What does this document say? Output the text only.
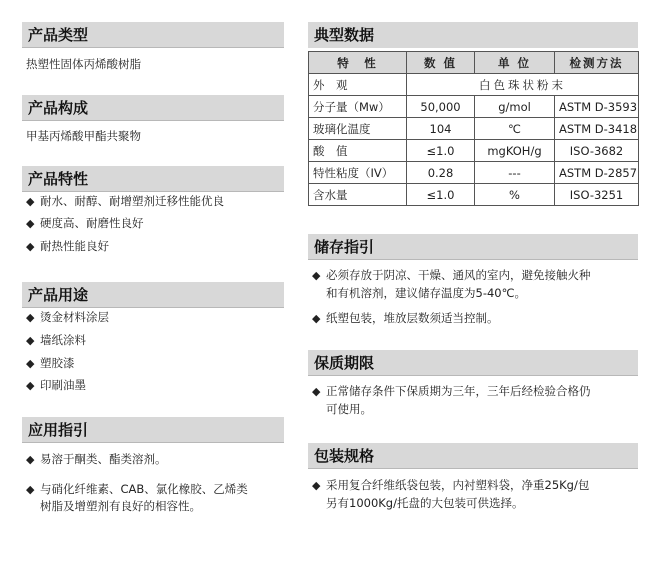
产品类型
热塑性固体丙烯酸树脂
产品构成
甲基丙烯酸甲酯共聚物
产品特性
◆ 耐水、耐醇、耐增塑剂迁移性能优良
◆ 硬度高、耐磨性良好
◆ 耐热性能良好
产品用途
◆ 烫金材料涂层
◆ 墙纸涂料
◆ 塑胶漆
◆ 印刷油墨
应用指引
◆ 易溶于酮类、酯类溶剂。
◆ 与硝化纤维素、CAB、氯化橡胶、乙烯类
树脂及增塑剂有良好的相容性。
典型数据
特　性	数 值	单 位	检测方法
外　观	白色珠状粉末		
分子量（Mw）	50,000	g/mol	ASTM D-3593
玻璃化温度	104	℃	ASTM D-3418
酸　值	≤1.0	mgKOH/g	ISO-3682
特性粘度（IV）	0.28	---	ASTM D-2857
含水量	≤1.0	%	ISO-3251
储存指引
◆ 必须存放于阴凉、干燥、通风的室内，避免接触火种
和有机溶剂，建议储存温度为5-40℃。
◆ 纸塑包装，堆放层数须适当控制。
保质期限
◆ 正常储存条件下保质期为三年，三年后经检验合格仍
可使用。
包装规格
◆ 采用复合纤维纸袋包装，内衬塑料袋，净重25Kg/包
另有1000Kg/托盘的大包装可供选择。
